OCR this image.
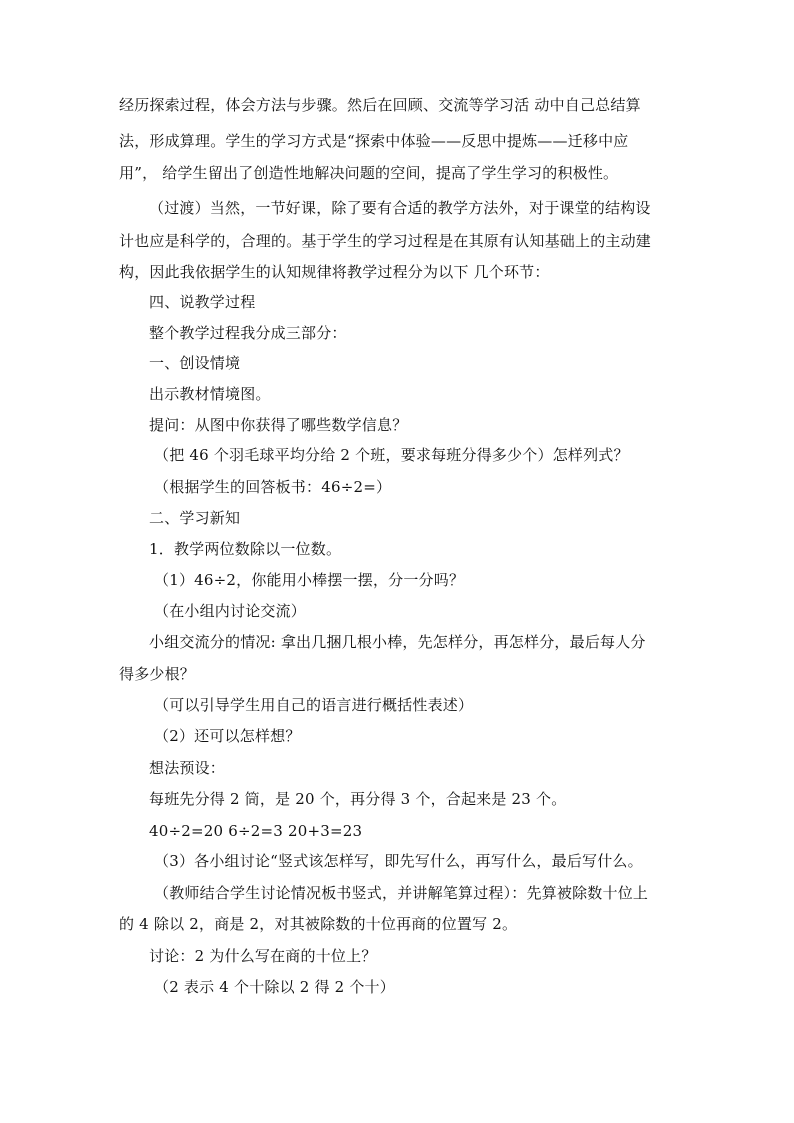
经历探索过程，体会方法与步骤。然后在回顾、交流等学习活 动中自己总结算
法，形成算理。学生的学习方式是“探索中体验——反思中提炼——迁移中应
用”， 给学生留出了创造性地解决问题的空间，提高了学生学习的积极性。
（过渡）当然，一节好课，除了要有合适的教学方法外，对于课堂的结构设
计也应是科学的，合理的。基于学生的学习过程是在其原有认知基础上的主动建
构，因此我依据学生的认知规律将教学过程分为以下 几个环节：
四、说教学过程
整个教学过程我分成三部分：
一、创设情境
出示教材情境图。
提问：从图中你获得了哪些数学信息？
（把 46 个羽毛球平均分给 2 个班，要求每班分得多少个）怎样列式？
（根据学生的回答板书：46÷2=）
二、学习新知
1．教学两位数除以一位数。
（1）46÷2，你能用小棒摆一摆，分一分吗？
（在小组内讨论交流）
小组交流分的情况: 拿出几捆几根小棒，先怎样分，再怎样分，最后每人分
得多少根？
（可以引导学生用自己的语言进行概括性表述）
（2）还可以怎样想？
想法预设：
每班先分得 2 筒，是 20 个，再分得 3 个，合起来是 23 个。
40÷2=20 6÷2=3 20+3=23
（3）各小组讨论“竖式该怎样写，即先写什么，再写什么，最后写什么。
（教师结合学生讨论情况板书竖式，并讲解笔算过程）：先算被除数十位上
的 4 除以 2，商是 2，对其被除数的十位再商的位置写 2。
讨论：2 为什么写在商的十位上？
（2 表示 4 个十除以 2 得 2 个十）
